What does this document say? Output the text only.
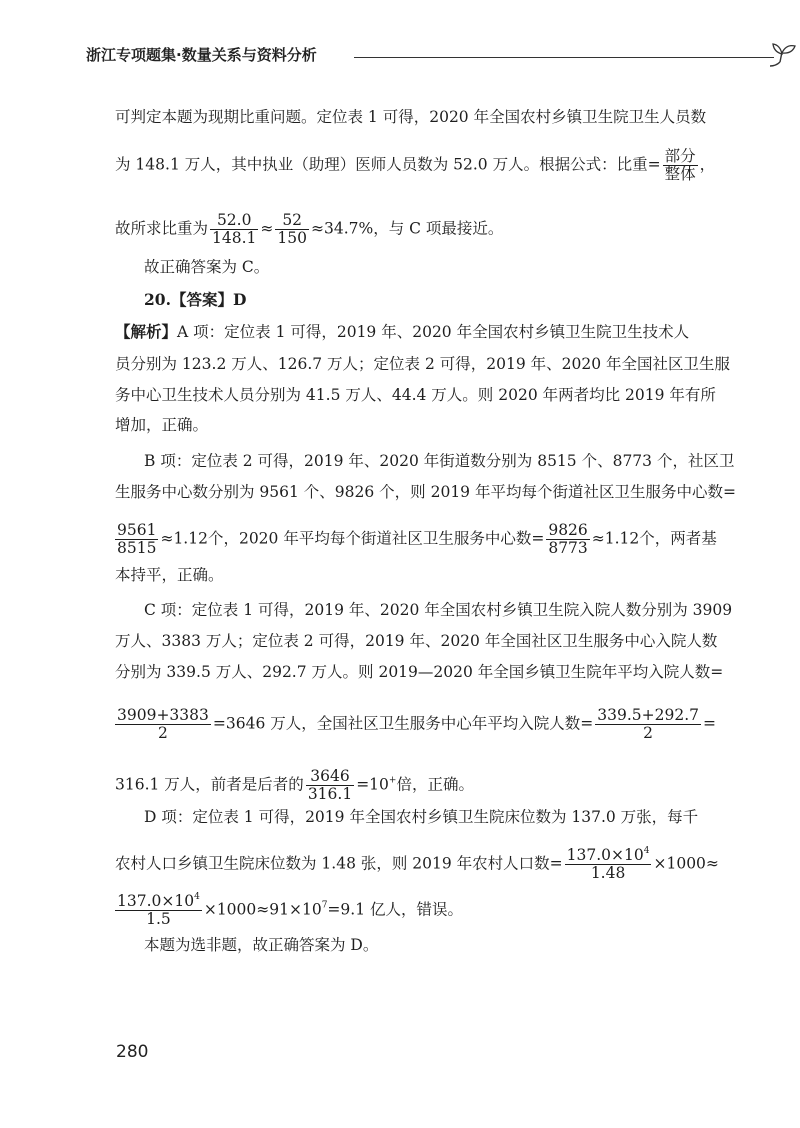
浙江专项题集·数量关系与资料分析
可判定本题为现期比重问题。定位表 1 可得，2020 年全国农村乡镇卫生院卫生人员数
为 148.1 万人，其中执业（助理）医师人员数为 52.0 万人。根据公式：比重= $\frac{\text{部分}}{\text{整体}}$ ，
故所求比重为 $\frac{52.0}{148.1} \approx \frac{52}{150} \approx 34.7\%$，与 C 项最接近。
故正确答案为 C。
20.【答案】D
【解析】A 项：定位表 1 可得，2019 年、2020 年全国农村乡镇卫生院卫生技术人
员分别为 123.2 万人、126.7 万人；定位表 2 可得，2019 年、2020 年全国社区卫生服
务中心卫生技术人员分别为 41.5 万人、44.4 万人。则 2020 年两者均比 2019 年有所
增加，正确。
B 项：定位表 2 可得，2019 年、2020 年街道数分别为 8515 个、8773 个，社区卫
生服务中心数分别为 9561 个、9826 个，则 2019 年平均每个街道社区卫生服务中心数=
$\frac{9561}{8515} \approx 1.12$个，2020 年平均每个街道社区卫生服务中心数= $\frac{9826}{8773} \approx 1.12$个，两者基
本持平，正确。
C 项：定位表 1 可得，2019 年、2020 年全国农村乡镇卫生院入院人数分别为 3909
万人、3383 万人；定位表 2 可得，2019 年、2020 年全国社区卫生服务中心入院人数
分别为 339.5 万人、292.7 万人。则 2019—2020 年全国乡镇卫生院年平均入院人数=
$\frac{3909+3383}{2} =3646$ 万人，全国社区卫生服务中心年平均入院人数= $\frac{339.5+292.7}{2}$ =
316.1 万人，前者是后者的 $\frac{3646}{316.1} =10^+$倍，正确。
D 项：定位表 1 可得，2019 年全国农村乡镇卫生院床位数为 137.0 万张，每千
农村人口乡镇卫生院床位数为 1.48 张，则 2019 年农村人口数= $\frac{137.0\times 10^4}{1.48} \times 1000\approx$
$\frac{137.0\times 10^4}{1.5} \times 1000\approx 91\times 10^7=9.1$ 亿人，错误。
本题为选非题，故正确答案为 D。
280
